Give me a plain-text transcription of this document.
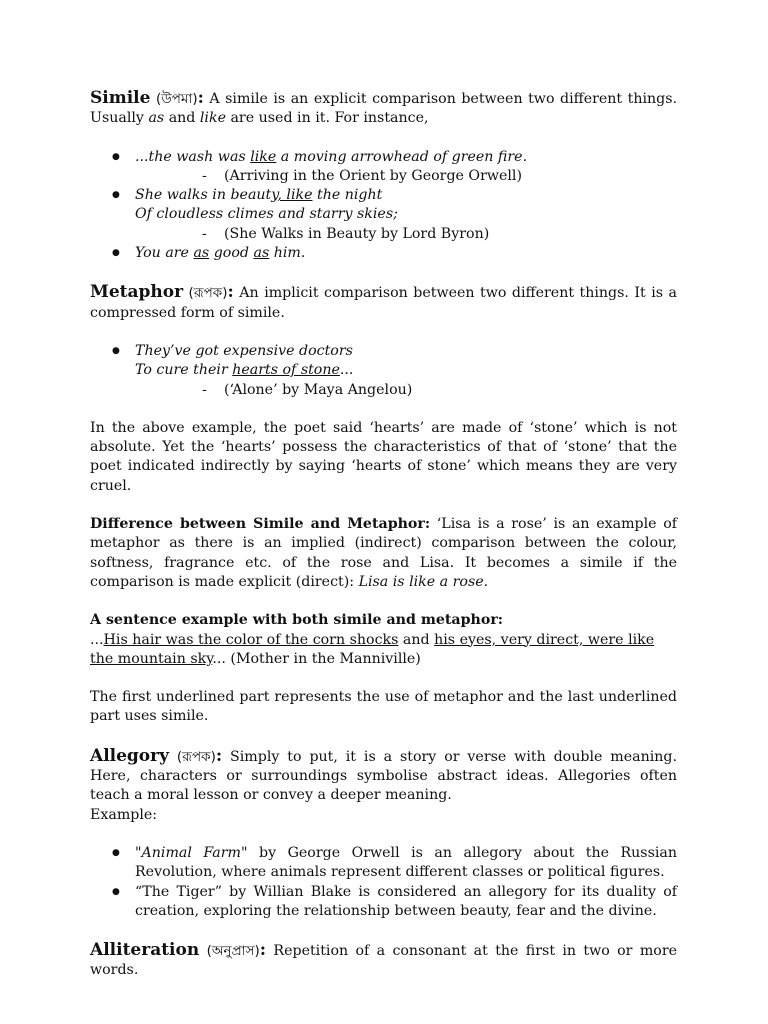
Simile (উপমা): A simile is an explicit comparison between two different things. Usually as and like are used in it. For instance,

● ...the wash was like a moving arrowhead of green fire.
- (Arriving in the Orient by George Orwell)
● She walks in beauty, like the night
Of cloudless climes and starry skies;
- (She Walks in Beauty by Lord Byron)
● You are as good as him.

Metaphor (রূপক): An implicit comparison between two different things. It is a compressed form of simile.

● They’ve got expensive doctors
To cure their hearts of stone...
- (‘Alone’ by Maya Angelou)

In the above example, the poet said ‘hearts’ are made of ‘stone’ which is not absolute. Yet the ‘hearts’ possess the characteristics of that of ‘stone’ that the poet indicated indirectly by saying ‘hearts of stone’ which means they are very cruel.

Difference between Simile and Metaphor: ‘Lisa is a rose’ is an example of metaphor as there is an implied (indirect) comparison between the colour, softness, fragrance etc. of the rose and Lisa. It becomes a simile if the comparison is made explicit (direct): Lisa is like a rose.

A sentence example with both simile and metaphor:
...His hair was the color of the corn shocks and his eyes, very direct, were like the mountain sky... (Mother in the Manniville)

The first underlined part represents the use of metaphor and the last underlined part uses simile.

Allegory (রূপক): Simply to put, it is a story or verse with double meaning. Here, characters or surroundings symbolise abstract ideas. Allegories often teach a moral lesson or convey a deeper meaning.
Example:

● "Animal Farm" by George Orwell is an allegory about the Russian Revolution, where animals represent different classes or political figures.
● “The Tiger” by Willian Blake is considered an allegory for its duality of creation, exploring the relationship between beauty, fear and the divine.

Alliteration (অনুপ্রাস): Repetition of a consonant at the first in two or more words.
